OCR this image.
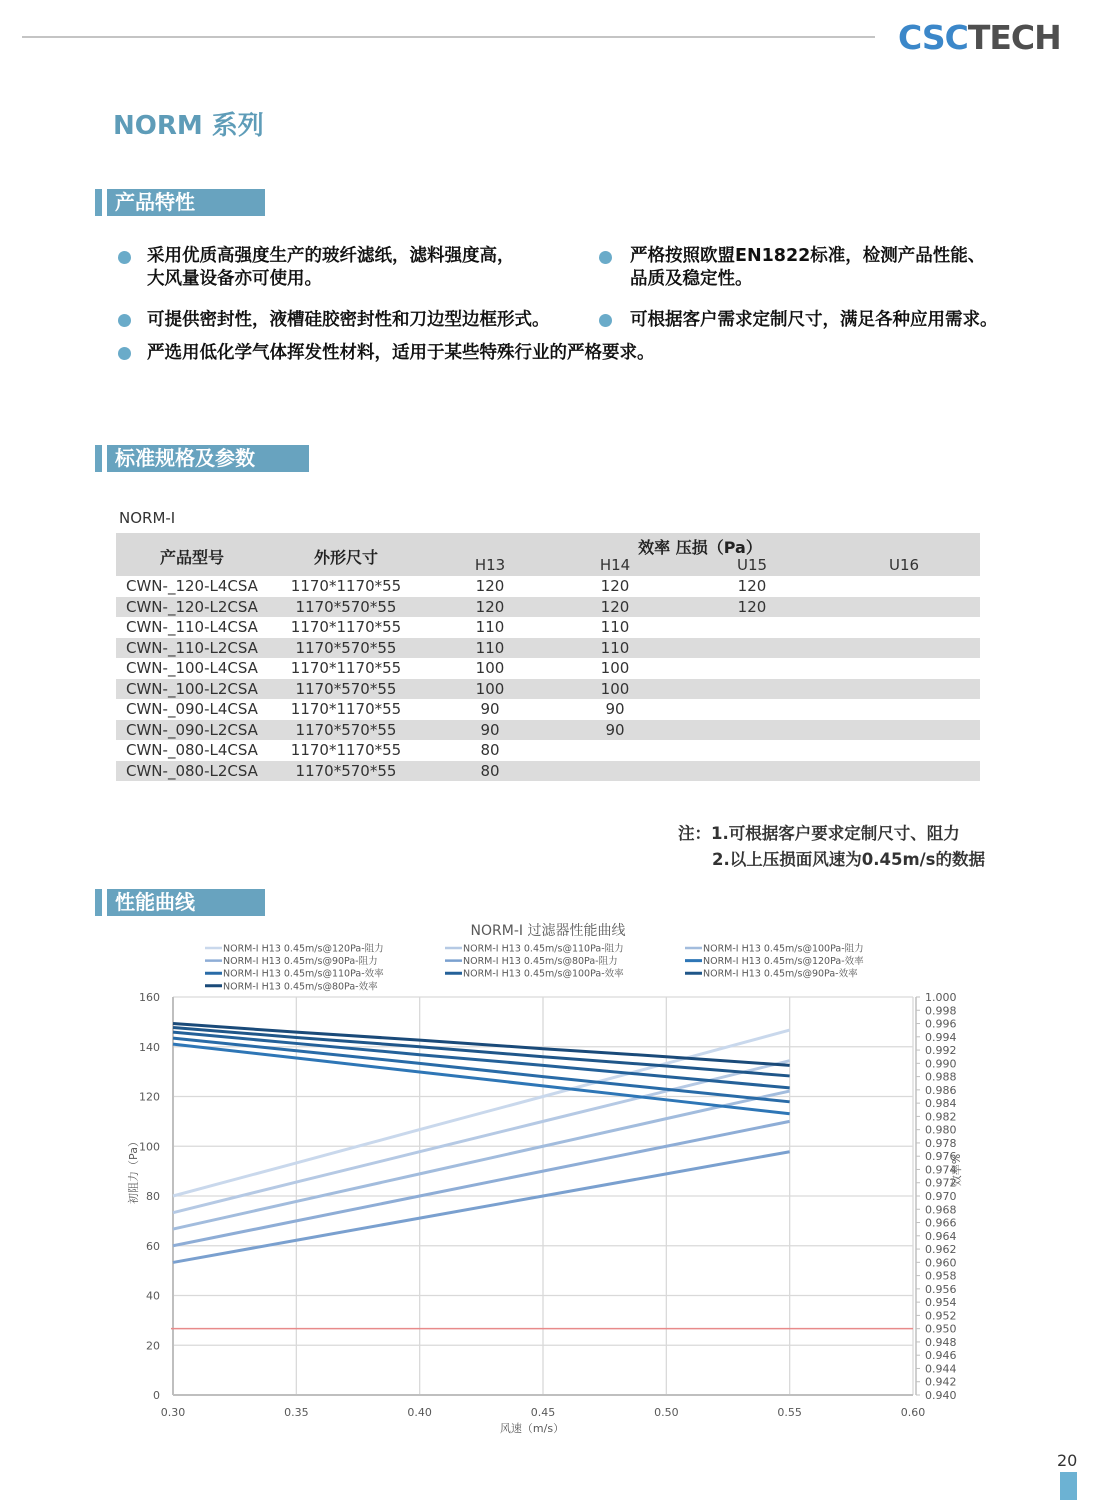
CSCTECH
NORM 系列
产品特性
采用优质高强度生产的玻纤滤纸，滤料强度高，
大风量设备亦可使用。
严格按照欧盟EN1822标准，检测产品性能、
品质及稳定性。
可提供密封性，液槽硅胶密封性和刀边型边框形式。	可根据客户需求定制尺寸，满足各种应用需求。
严选用低化学气体挥发性材料，适用于某些特殊行业的严格要求。
标准规格及参数
NORM-I
产品型号	外形尺寸
效率 压损（Pa）
H13	H14	U15	U16
CWN-_120-L4CSA 1170*1170*55	120	120	120
CWN-_120-L2CSA	1170*570*55	120	120	120
CWN-_110-L4CSA 1170*1170*55	110	110
CWN-_110-L2CSA	1170*570*55	110	110
CWN-_100-L4CSA 1170*1170*55	100	100
CWN-_100-L2CSA	1170*570*55	100	100
CWN-_090-L4CSA 1170*1170*55	90	90
CWN-_090-L2CSA	1170*570*55	90	90
CWN-_080-L4CSA 1170*1170*55	80
CWN-_080-L2CSA	1170*570*55	80
注：1.可根据客户要求定制尺寸、阻力
2.以上压损面风速为0.45m/s的数据
性能曲线
NORM-I 过滤器性能曲线
NORM-I H13 0.45m/s@120Pa-阻力	NORM-I H13 0.45m/s@110Pa-阻力	NORM-I H13 0.45m/s@100Pa-阻力
NORM-I H13 0.45m/s@90Pa-阻力	NORM-I H13 0.45m/s@80Pa-阻力	NORM-I H13 0.45m/s@120Pa-效率
NORM-I H13 0.45m/s@110Pa-效率	NORM-I H13 0.45m/s@100Pa-效率	NORM-I H13 0.45m/s@90Pa-效率
NORM-I H13 0.45m/s@80Pa-效率
0
20
40
60
80
100
120
140
160
0.30	0.35	0.40	0.45	0.50	0.55	0.60
1.000
0.998
0.996
0.994
0.992
0.990
0.988
0.986
0.984
0.982
0.980
0.978
0.976
0.974
0.972
0.970
0.968
0.966
0.964
0.962
0.960
0.958
0.956
0.954
0.952
0.950
0.948
0.946
0.944
0.942
0.940
初阻力（Pa）	效率%
风速（m/s）
20
